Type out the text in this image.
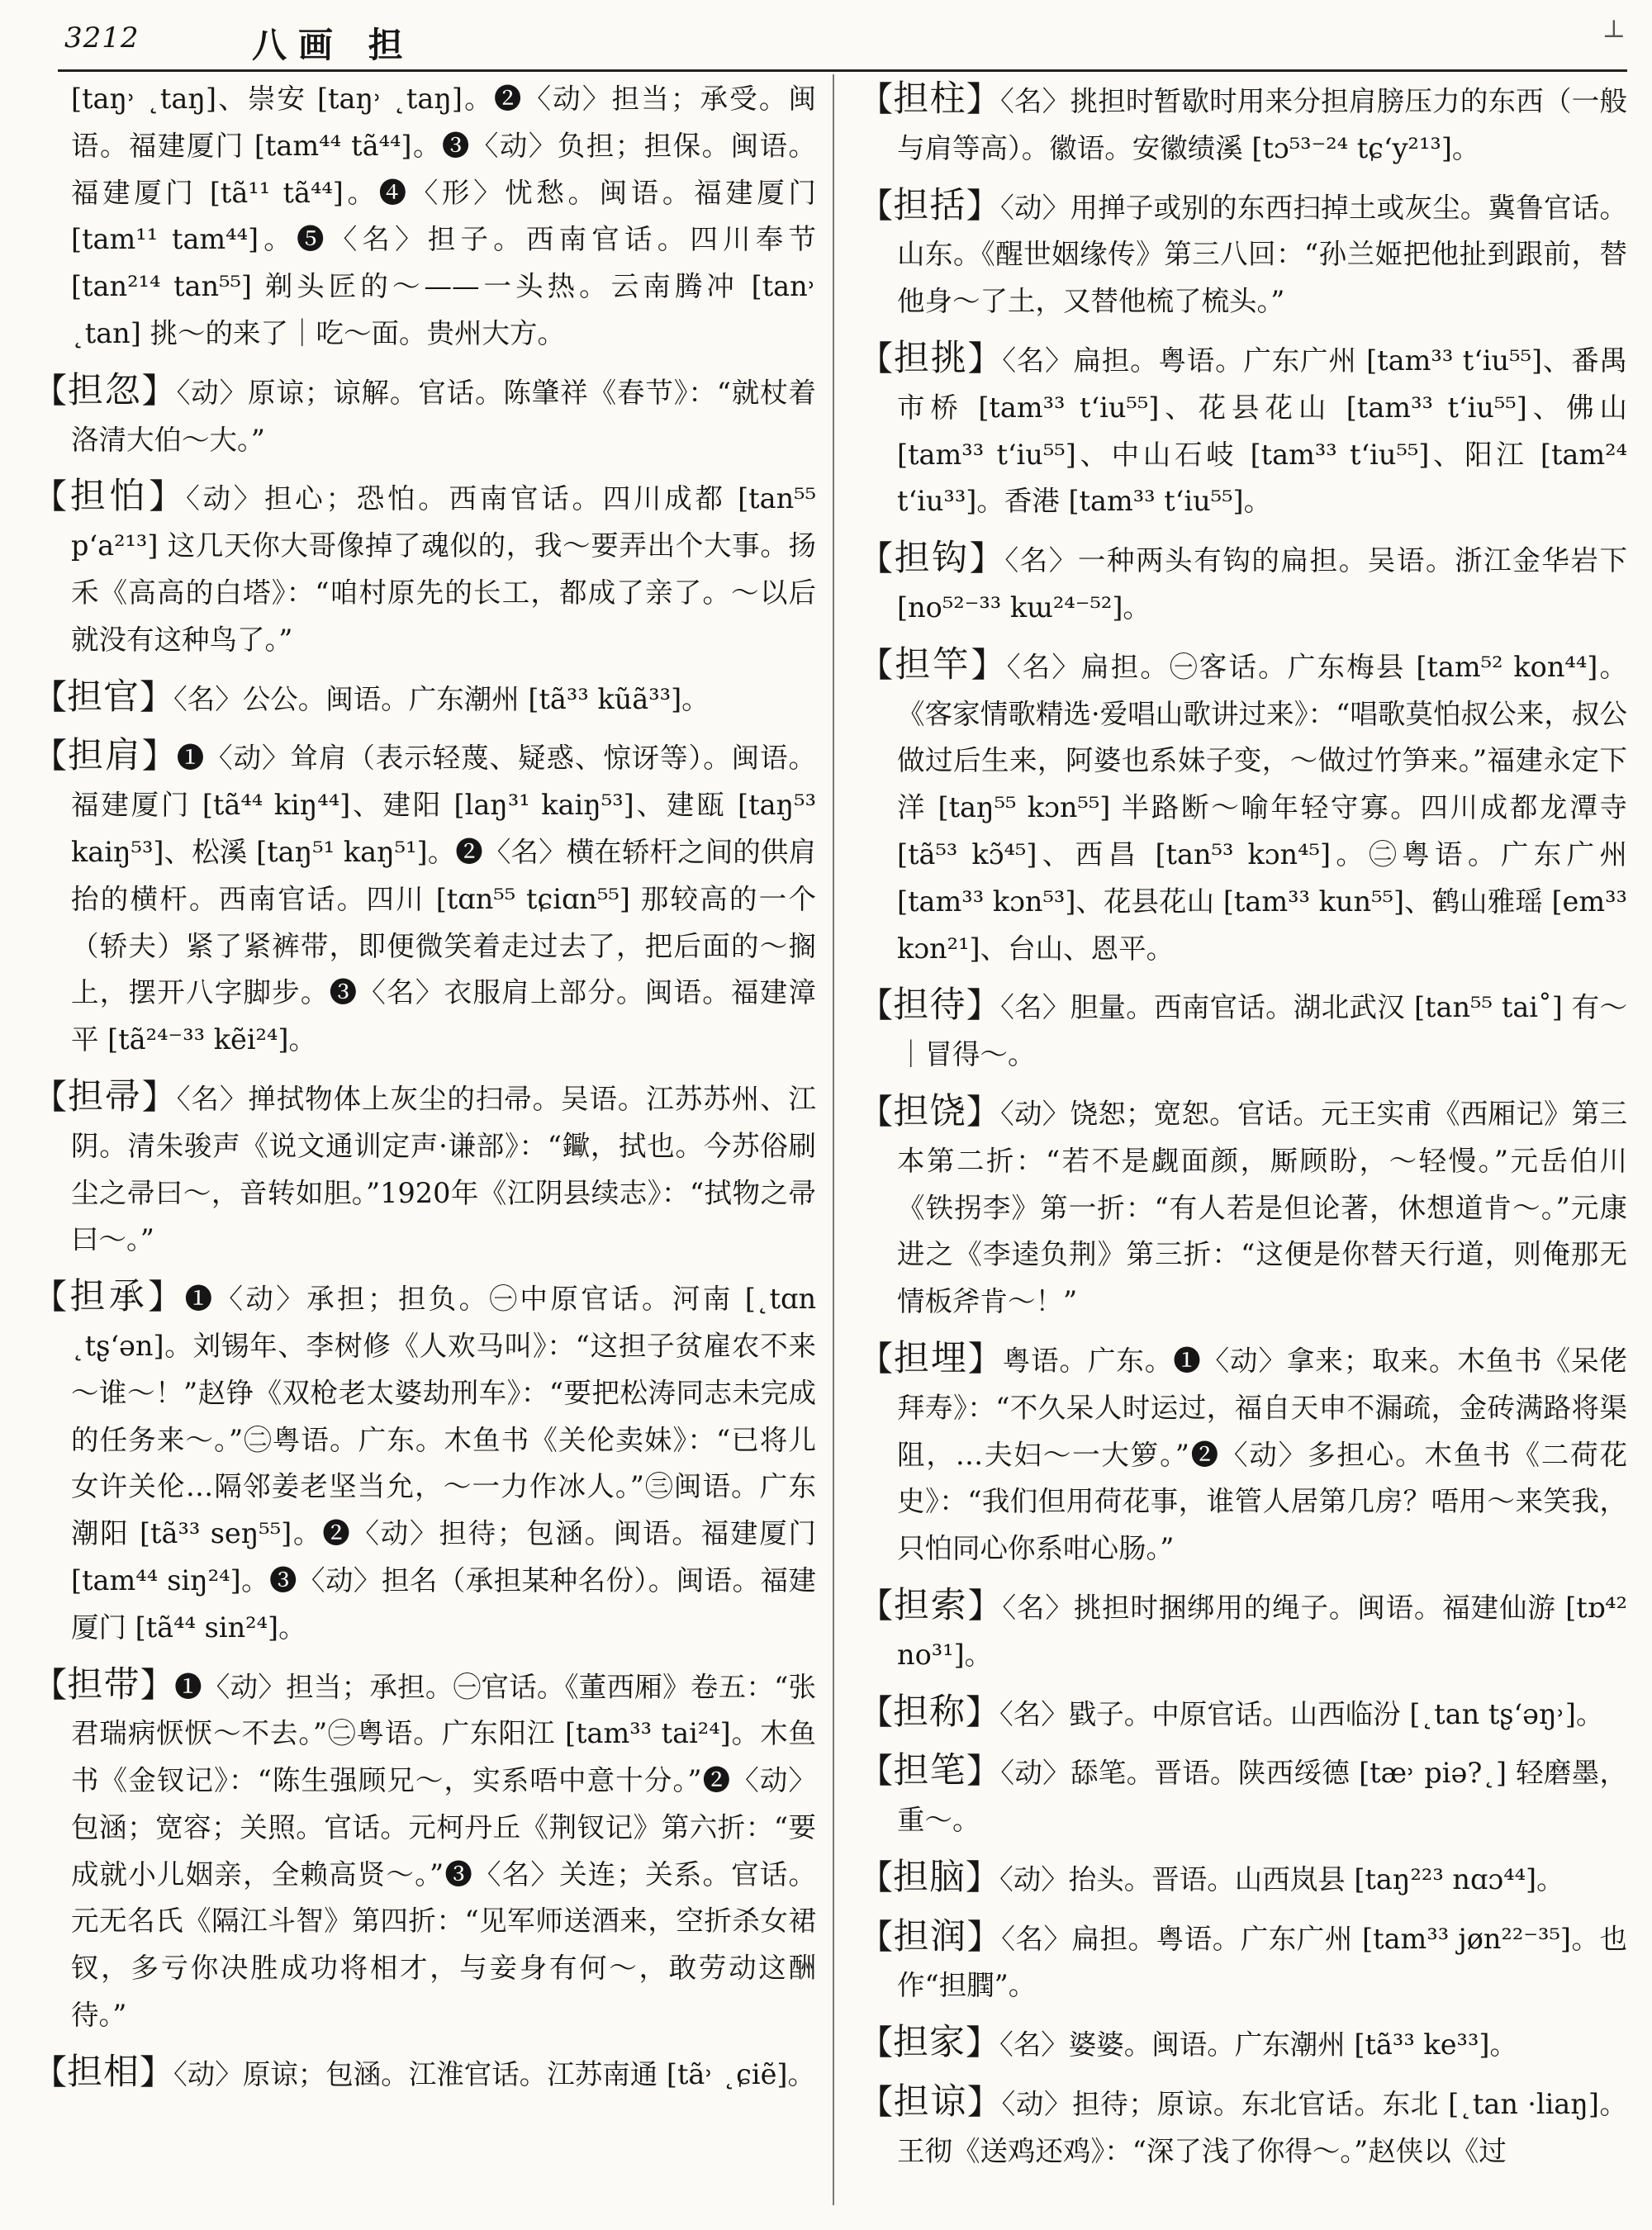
3212	八画 担	⊥

[taŋ˒ ˛taŋ]、崇安 [taŋ˒ ˛taŋ]。❷〈动〉担当；承受。闽语。福建厦门 [tam⁴⁴ tã⁴⁴]。❸〈动〉负担；担保。闽语。福建厦门 [tã¹¹ tã⁴⁴]。❹〈形〉忧愁。闽语。福建厦门 [tam¹¹ tam⁴⁴]。❺〈名〉担子。西南官话。四川奉节 [tan²¹⁴ tan⁵⁵] 剃头匠的～——一头热。云南腾冲 [tan˒ ˛tan] 挑～的来了｜吃～面。贵州大方。

【担忽】〈动〉原谅；谅解。官话。陈肇祥《春节》：“就杖着洛清大伯～大。”

【担怕】〈动〉担心；恐怕。西南官话。四川成都 [tan⁵⁵ pʻa²¹³] 这几天你大哥像掉了魂似的，我～要弄出个大事。扬禾《高高的白塔》：“咱村原先的长工，都成了亲了。～以后就没有这种鸟了。”

【担官】〈名〉公公。闽语。广东潮州 [tã³³ kũã³³]。

【担肩】❶〈动〉耸肩（表示轻蔑、疑惑、惊讶等）。闽语。福建厦门 [tã⁴⁴ kiŋ⁴⁴]、建阳 [laŋ³¹ kaiŋ⁵³]、建瓯 [taŋ⁵³ kaiŋ⁵³]、松溪 [taŋ⁵¹ kaŋ⁵¹]。❷〈名〉横在轿杆之间的供肩抬的横杆。西南官话。四川 [tɑn⁵⁵ tɕiɑn⁵⁵] 那较高的一个（轿夫）紧了紧裤带，即便微笑着走过去了，把后面的～搁上，摆开八字脚步。❸〈名〉衣服肩上部分。闽语。福建漳平 [tã²⁴⁻³³ kẽi²⁴]。

【担帚】〈名〉掸拭物体上灰尘的扫帚。吴语。江苏苏州、江阴。清朱骏声《说文通训定声·谦部》：“䥲，拭也。今苏俗刷尘之帚曰～，音转如胆。”1920年《江阴县续志》：“拭物之帚曰～。”

【担承】❶〈动〉承担；担负。㊀中原官话。河南 [˛tɑn ˛tʂʻən]。刘锡年、李树修《人欢马叫》：“这担子贫雇农不来～谁～！”赵铮《双枪老太婆劫刑车》：“要把松涛同志未完成的任务来～。”㊁粤语。广东。木鱼书《关伦卖妹》：“已将儿女许关伦…隔邻姜老坚当允，～一力作冰人。”㊂闽语。广东潮阳 [tã³³ seŋ⁵⁵]。❷〈动〉担待；包涵。闽语。福建厦门 [tam⁴⁴ siŋ²⁴]。❸〈动〉担名（承担某种名份）。闽语。福建厦门 [tã⁴⁴ sin²⁴]。

【担带】❶〈动〉担当；承担。㊀官话。《董西厢》卷五：“张君瑞病恹恹～不去。”㊁粤语。广东阳江 [tam³³ tai²⁴]。木鱼书《金钗记》：“陈生强顾兄～，实系唔中意十分。”❷〈动〉包涵；宽容；关照。官话。元柯丹丘《荆钗记》第六折：“要成就小儿姻亲，全赖高贤～。”❸〈名〉关连；关系。官话。元无名氏《隔江斗智》第四折：“见军师送酒来，空折杀女裙钗，多亏你决胜成功将相才，与妾身有何～，敢劳动这酬待。”

【担相】〈动〉原谅；包涵。江淮官话。江苏南通 [tã˒ ˛ɕiẽ]。

【担柱】〈名〉挑担时暂歇时用来分担肩膀压力的东西（一般与肩等高）。徽语。安徽绩溪 [tɔ⁵³⁻²⁴ tɕʻy²¹³]。

【担括】〈动〉用掸子或别的东西扫掉土或灰尘。冀鲁官话。山东。《醒世姻缘传》第三八回：“孙兰姬把他扯到跟前，替他身～了土，又替他梳了梳头。”

【担挑】〈名〉扁担。粤语。广东广州 [tam³³ tʻiu⁵⁵]、番禺市桥 [tam³³ tʻiu⁵⁵]、花县花山 [tam³³ tʻiu⁵⁵]、佛山 [tam³³ tʻiu⁵⁵]、中山石岐 [tam³³ tʻiu⁵⁵]、阳江 [tam²⁴ tʻiu³³]。香港 [tam³³ tʻiu⁵⁵]。

【担钩】〈名〉一种两头有钩的扁担。吴语。浙江金华岩下 [no⁵²⁻³³ kɯ²⁴⁻⁵²]。

【担竿】〈名〉扁担。㊀客话。广东梅县 [tam⁵² kon⁴⁴]。《客家情歌精选·爱唱山歌讲过来》：“唱歌莫怕叔公来，叔公做过后生来，阿婆也系妹子变，～做过竹笋来。”福建永定下洋 [taŋ⁵⁵ kɔn⁵⁵] 半路断～喻年轻守寡。四川成都龙潭寺 [tã⁵³ kɔ̃⁴⁵]、西昌 [tan⁵³ kɔn⁴⁵]。㊁粤语。广东广州 [tam³³ kɔn⁵³]、花县花山 [tam³³ kun⁵⁵]、鹤山雅瑶 [em³³ kɔn²¹]、台山、恩平。

【担待】〈名〉胆量。西南官话。湖北武汉 [tan⁵⁵ tai˚] 有～｜冒得～。

【担饶】〈动〉饶恕；宽恕。官话。元王实甫《西厢记》第三本第二折：“若不是觑面颜，厮顾盼，～轻慢。”元岳伯川《铁拐李》第一折：“有人若是但论著，休想道肯～。”元康进之《李逵负荆》第三折：“这便是你替天行道，则俺那无情板斧肯～！”

【担埋】粤语。广东。❶〈动〉拿来；取来。木鱼书《呆佬拜寿》：“不久呆人时运过，福自天申不漏疏，金砖满路将渠阻，…夫妇～一大箩。”❷〈动〉多担心。木鱼书《二荷花史》：“我们但用荷花事，谁管人居第几房？唔用～来笑我，只怕同心你系咁心肠。”

【担索】〈名〉挑担时捆绑用的绳子。闽语。福建仙游 [tɒ⁴² no³¹]。

【担称】〈名〉戥子。中原官话。山西临汾 [˛tan tʂʻəŋ˒]。

【担笔】〈动〉舔笔。晋语。陕西绥德 [tæ˒ piə?˛] 轻磨墨，重～。

【担脑】〈动〉抬头。晋语。山西岚县 [taŋ²²³ nɑɔ⁴⁴]。

【担润】〈名〉扁担。粤语。广东广州 [tam³³ jøn²²⁻³⁵]。也作“担膶”。

【担家】〈名〉婆婆。闽语。广东潮州 [tã³³ ke³³]。

【担谅】〈动〉担待；原谅。东北官话。东北 [˛tan ·liaŋ]。王彻《送鸡还鸡》：“深了浅了你得～。”赵侠以《过
